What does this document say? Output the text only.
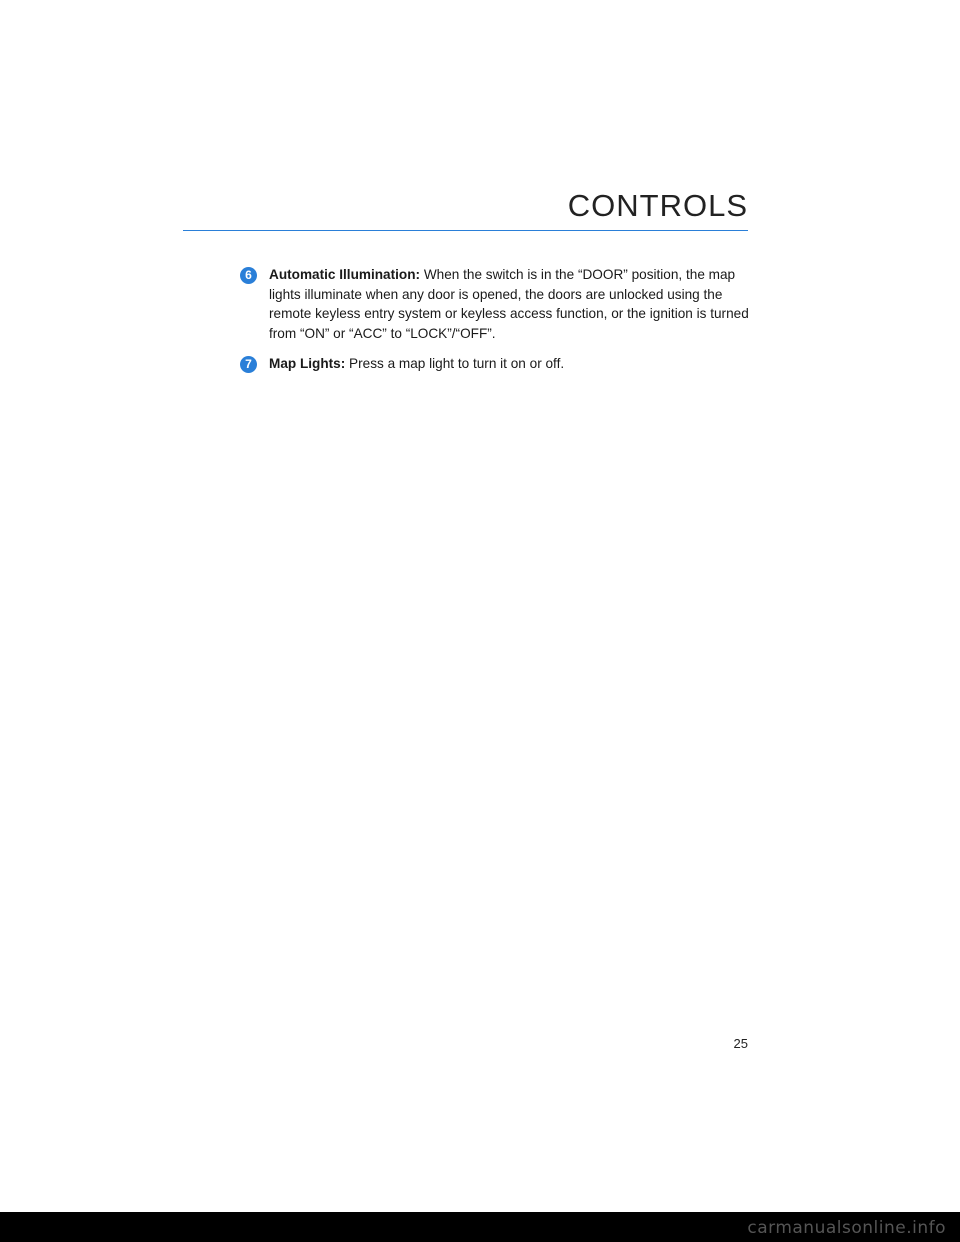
CONTROLS
6	Automatic Illumination: When the switch is in the “DOOR” position, the map lights illuminate when any door is opened, the doors are unlocked using the remote keyless entry system or keyless access function, or the ignition is turned from “ON” or “ACC” to “LOCK”/“OFF”.
7	Map Lights: Press a map light to turn it on or off.
25
carmanualsonline.info
